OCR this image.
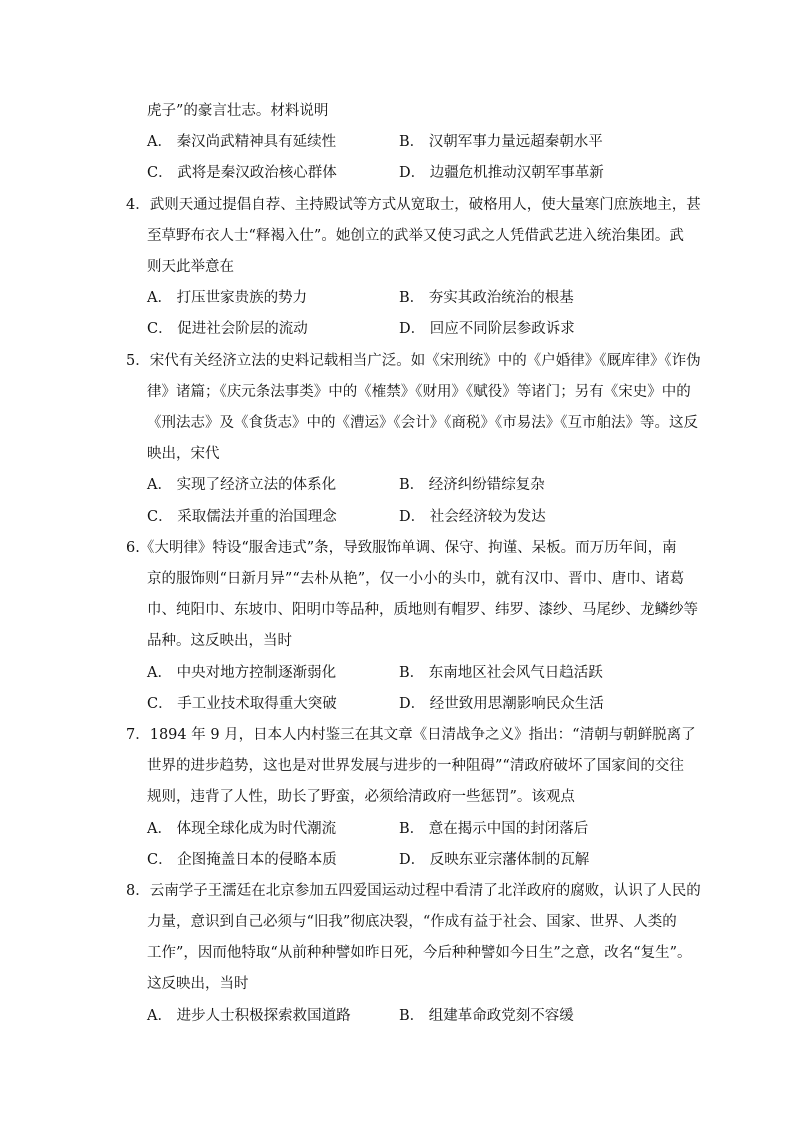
虎子”的豪言壮志。材料说明
A． 秦汉尚武精神具有延续性	B． 汉朝军事力量远超秦朝水平
C． 武将是秦汉政治核心群体	D． 边疆危机推动汉朝军事革新
4．武则天通过提倡自荐、主持殿试等方式从宽取士，破格用人，使大量寒门庶族地主，甚
至草野布衣人士“释褐入仕”。她创立的武举又使习武之人凭借武艺进入统治集团。武
则天此举意在
A． 打压世家贵族的势力	B． 夯实其政治统治的根基
C． 促进社会阶层的流动	D． 回应不同阶层参政诉求
5．宋代有关经济立法的史料记载相当广泛。如《宋刑统》中的《户婚律》《厩库律》《诈伪
律》诸篇；《庆元条法事类》中的《榷禁》《财用》《赋役》等诸门；另有《宋史》中的
《刑法志》及《食货志》中的《漕运》《会计》《商税》《市易法》《互市舶法》等。这反
映出，宋代
A． 实现了经济立法的体系化	B． 经济纠纷错综复杂
C． 采取儒法并重的治国理念	D． 社会经济较为发达
6.《大明律》特设“服舍违式”条，导致服饰单调、保守、拘谨、呆板。而万历年间，南
京的服饰则“日新月异”“去朴从艳”，仅一小小的头巾，就有汉巾、晋巾、唐巾、诸葛
巾、纯阳巾、东坡巾、阳明巾等品种，质地则有帽罗、纬罗、漆纱、马尾纱、龙鳞纱等
品种。这反映出，当时
A． 中央对地方控制逐渐弱化	B． 东南地区社会风气日趋活跃
C． 手工业技术取得重大突破	D． 经世致用思潮影响民众生活
7．1894 年 9 月，日本人内村鉴三在其文章《日清战争之义》指出：“清朝与朝鲜脱离了
世界的进步趋势，这也是对世界发展与进步的一种阻碍”“清政府破坏了国家间的交往
规则，违背了人性，助长了野蛮，必须给清政府一些惩罚”。该观点
A． 体现全球化成为时代潮流	B． 意在揭示中国的封闭落后
C． 企图掩盖日本的侵略本质	D． 反映东亚宗藩体制的瓦解
8．云南学子王濡廷在北京参加五四爱国运动过程中看清了北洋政府的腐败，认识了人民的
力量，意识到自己必须与“旧我”彻底决裂，“作成有益于社会、国家、世界、人类的
工作”，因而他特取“从前种种譬如昨日死，今后种种譬如今日生”之意，改名“复生”。
这反映出，当时
A． 进步人士积极探索救国道路	B． 组建革命政党刻不容缓
